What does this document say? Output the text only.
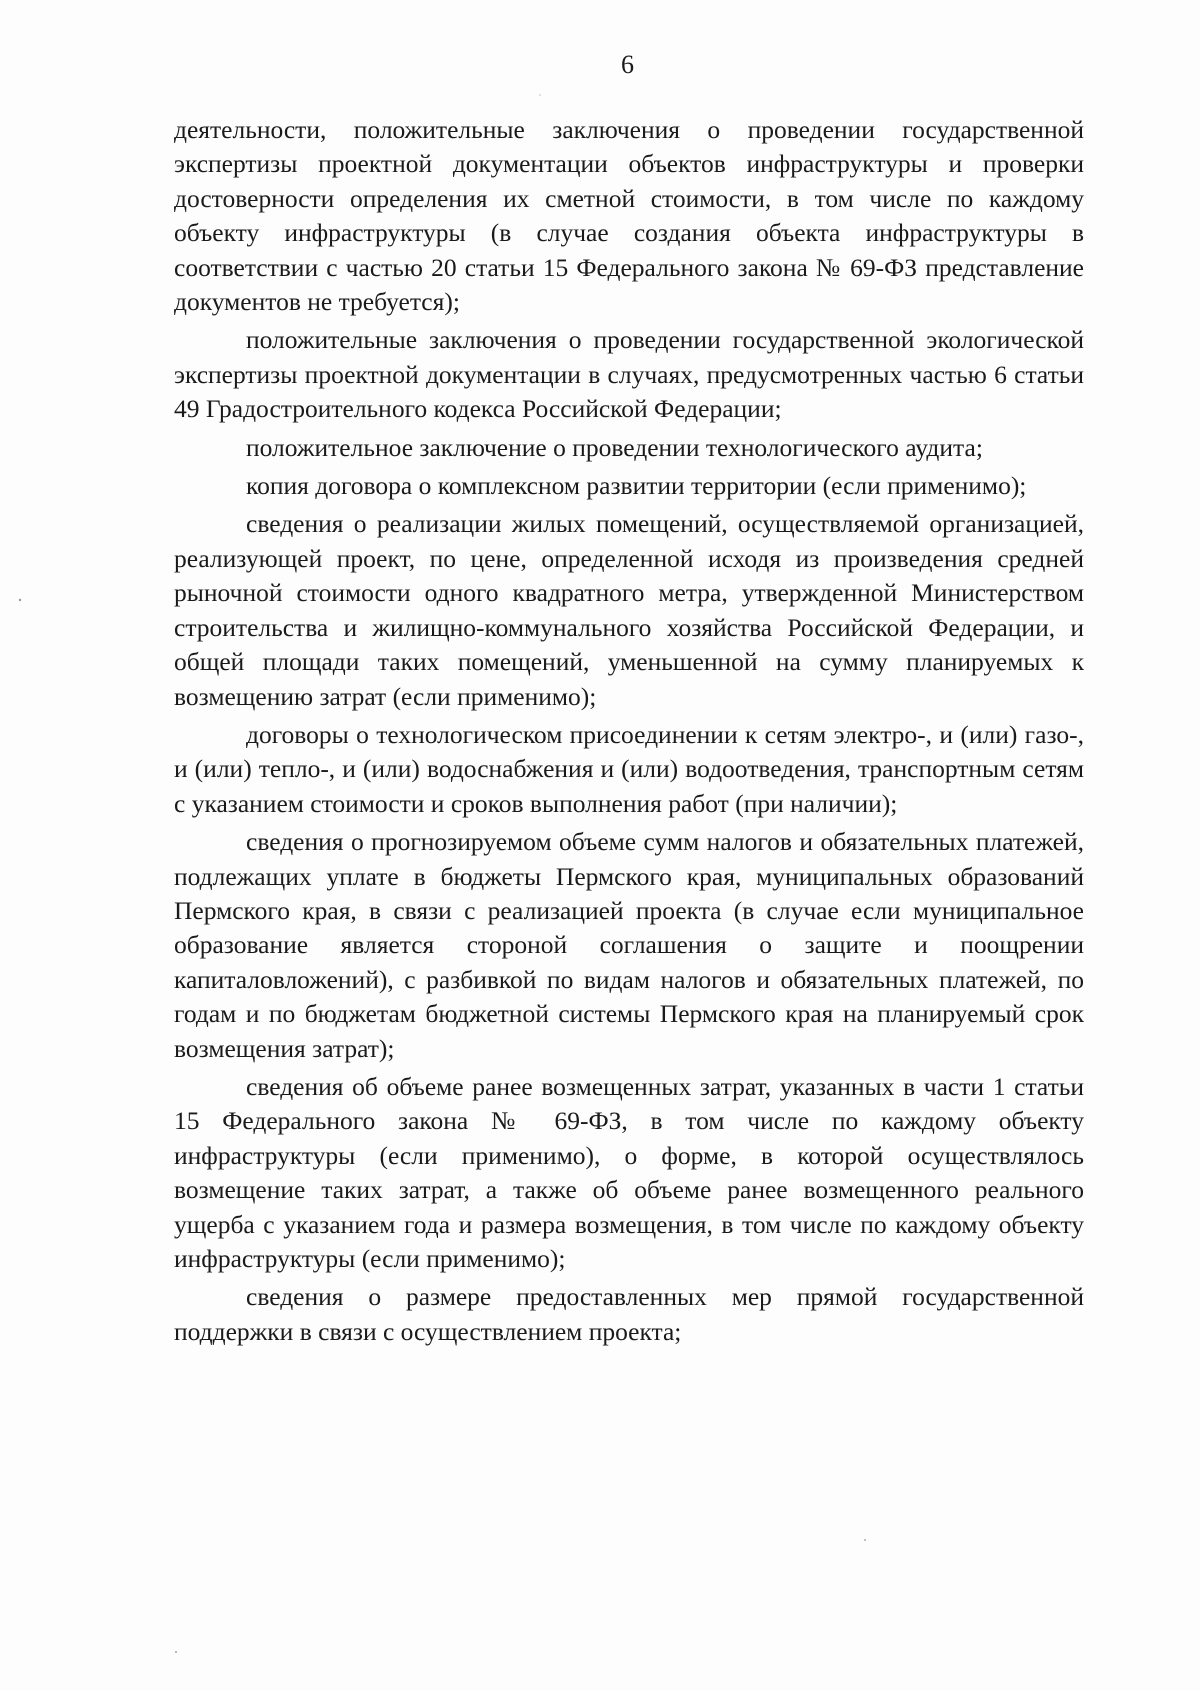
6

деятельности, положительные заключения о проведении государственной экспертизы проектной документации объектов инфраструктуры и проверки достоверности определения их сметной стоимости, в том числе по каждому объекту инфраструктуры (в случае создания объекта инфраструктуры в соответствии с частью 20 статьи 15 Федерального закона № 69-ФЗ представление документов не требуется);

положительные заключения о проведении государственной экологической экспертизы проектной документации в случаях, предусмотренных частью 6 статьи 49 Градостроительного кодекса Российской Федерации;

положительное заключение о проведении технологического аудита;

копия договора о комплексном развитии территории (если применимо);

сведения о реализации жилых помещений, осуществляемой организацией, реализующей проект, по цене, определенной исходя из произведения средней рыночной стоимости одного квадратного метра, утвержденной Министерством строительства и жилищно-коммунального хозяйства Российской Федерации, и общей площади таких помещений, уменьшенной на сумму планируемых к возмещению затрат (если применимо);

договоры о технологическом присоединении к сетям электро-, и (или) газо-, и (или) тепло-, и (или) водоснабжения и (или) водоотведения, транспортным сетям с указанием стоимости и сроков выполнения работ (при наличии);

сведения о прогнозируемом объеме сумм налогов и обязательных платежей, подлежащих уплате в бюджеты Пермского края, муниципальных образований Пермского края, в связи с реализацией проекта (в случае если муниципальное образование является стороной соглашения о защите и поощрении капиталовложений), с разбивкой по видам налогов и обязательных платежей, по годам и по бюджетам бюджетной системы Пермского края на планируемый срок возмещения затрат);

сведения об объеме ранее возмещенных затрат, указанных в части 1 статьи 15 Федерального закона № 69-ФЗ, в том числе по каждому объекту инфраструктуры (если применимо), о форме, в которой осуществлялось возмещение таких затрат, а также об объеме ранее возмещенного реального ущерба с указанием года и размера возмещения, в том числе по каждому объекту инфраструктуры (если применимо);

сведения о размере предоставленных мер прямой государственной поддержки в связи с осуществлением проекта;
